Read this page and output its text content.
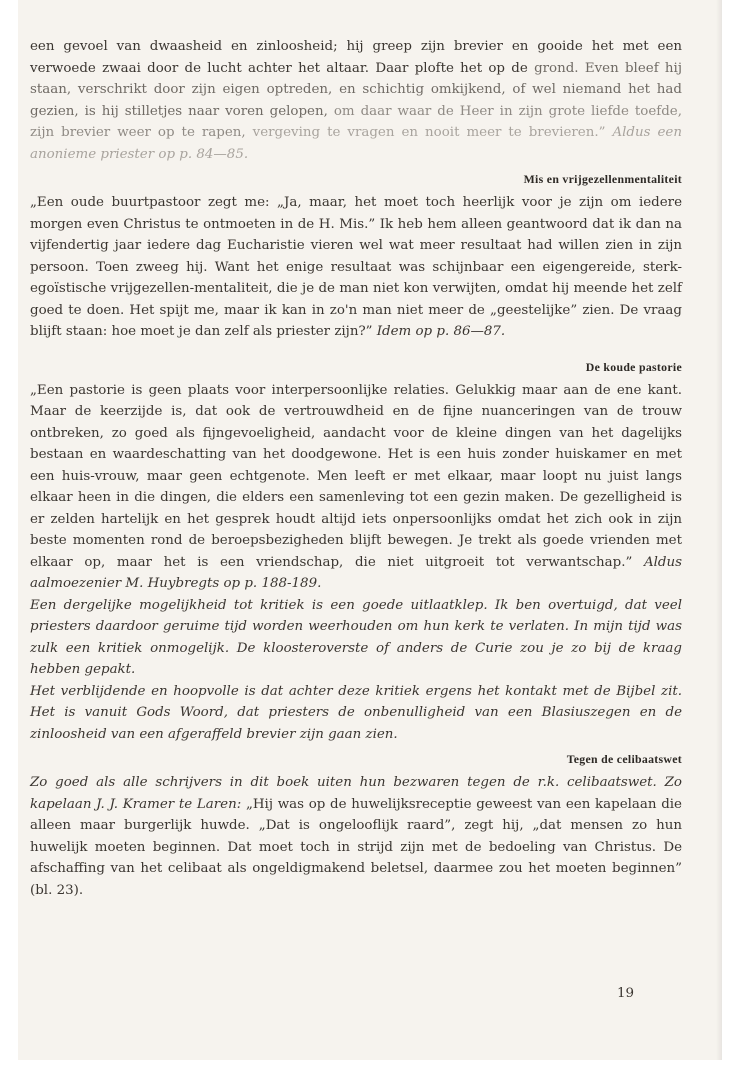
een gevoel van dwaasheid en zinloosheid; hij greep zijn brevier en gooide het met een verwoede zwaai door de lucht achter het altaar. Daar plofte het op de grond. Even bleef hij staan, verschrikt door zijn eigen optreden, en schichtig omkijkend, of wel niemand het had gezien, is hij stilletjes naar voren gelopen, om daar waar de Heer in zijn grote liefde toefde, zijn brevier weer op te rapen, vergeving te vragen en nooit meer te brevieren.” Aldus een anonieme priester op p. 84—85.

Mis en vrijgezellenmentaliteit

„Een oude buurtpastoor zegt me: „Ja, maar, het moet toch heerlijk voor je zijn om iedere morgen even Christus te ontmoeten in de H. Mis.” Ik heb hem alleen geantwoord dat ik dan na vijfendertig jaar iedere dag Eucharistie vieren wel wat meer resultaat had willen zien in zijn persoon. Toen zweeg hij. Want het enige resultaat was schijnbaar een eigengereide, sterk-egoïstische vrijgezellen-mentaliteit, die je de man niet kon verwijten, omdat hij meende het zelf goed te doen. Het spijt me, maar ik kan in zo'n man niet meer de „geestelijke” zien. De vraag blijft staan: hoe moet je dan zelf als priester zijn?” Idem op p. 86—87.

De koude pastorie

„Een pastorie is geen plaats voor interpersoonlijke relaties. Gelukkig maar aan de ene kant. Maar de keerzijde is, dat ook de vertrouwdheid en de fijne nuanceringen van de trouw ontbreken, zo goed als fijngevoeligheid, aandacht voor de kleine dingen van het dagelijks bestaan en waardeschatting van het doodgewone. Het is een huis zonder huiskamer en met een huis-vrouw, maar geen echtgenote. Men leeft er met elkaar, maar loopt nu juist langs elkaar heen in die dingen, die elders een samenleving tot een gezin maken. De gezelligheid is er zelden hartelijk en het gesprek houdt altijd iets onpersoonlijks omdat het zich ook in zijn beste momenten rond de beroepsbezigheden blijft bewegen. Je trekt als goede vrienden met elkaar op, maar het is een vriendschap, die niet uitgroeit tot verwantschap.” Aldus aalmoezenier M. Huybregts op p. 188-189.

Een dergelijke mogelijkheid tot kritiek is een goede uitlaatklep. Ik ben overtuigd, dat veel priesters daardoor geruime tijd worden weerhouden om hun kerk te verlaten. In mijn tijd was zulk een kritiek onmogelijk. De kloosteroverste of anders de Curie zou je zo bij de kraag hebben gepakt.

Het verblijdende en hoopvolle is dat achter deze kritiek ergens het kontakt met de Bijbel zit. Het is vanuit Gods Woord, dat priesters de onbenulligheid van een Blasiuszegen en de zinloosheid van een afgeraffeld brevier zijn gaan zien.

Tegen de celibaatswet

Zo goed als alle schrijvers in dit boek uiten hun bezwaren tegen de r.k. celibaatswet. Zo kapelaan J. J. Kramer te Laren: „Hij was op de huwelijksreceptie geweest van een kapelaan die alleen maar burgerlijk huwde. „Dat is ongelooflijk raard”, zegt hij, „dat mensen zo hun huwelijk moeten beginnen. Dat moet toch in strijd zijn met de bedoeling van Christus. De afschaffing van het celibaat als ongeldigmakend beletsel, daarmee zou het moeten beginnen” (bl. 23).

19
